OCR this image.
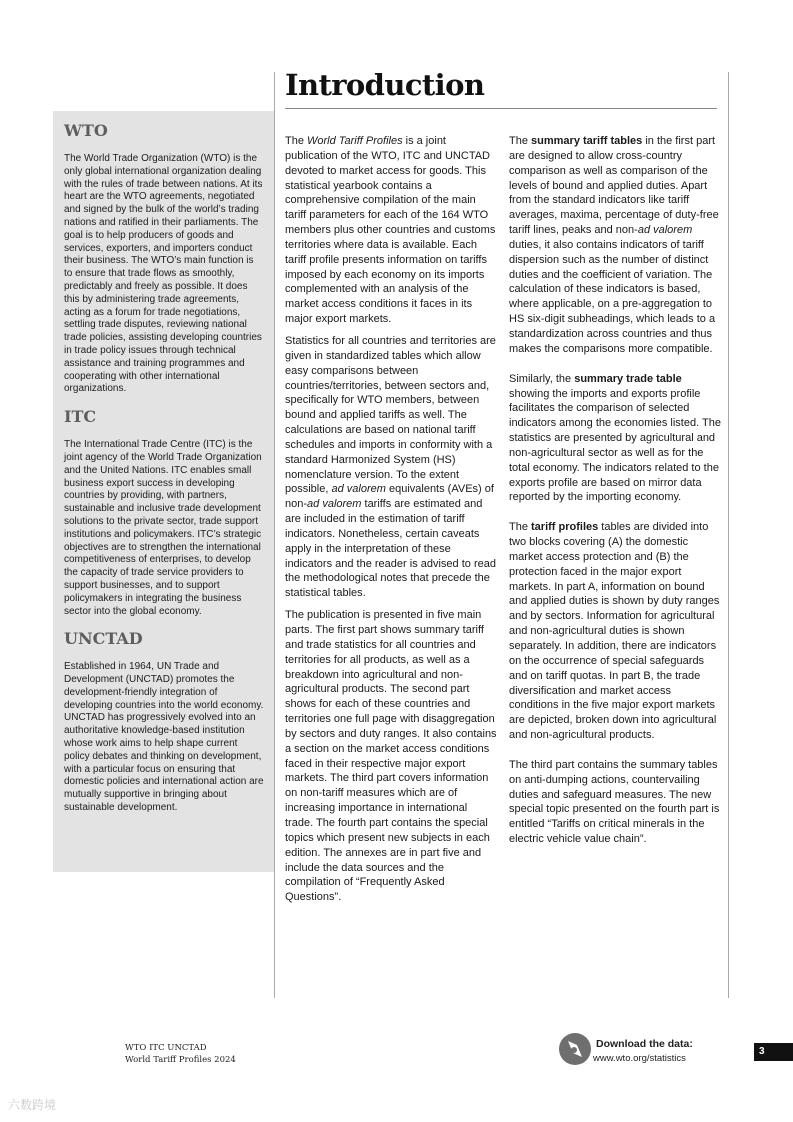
Introduction
WTO

The World Trade Organization (WTO) is the only global international organization dealing with the rules of trade between nations. At its heart are the WTO agreements, negotiated and signed by the bulk of the world’s trading nations and ratified in their parliaments. The goal is to help producers of goods and services, exporters, and importers conduct their business. The WTO’s main function is to ensure that trade flows as smoothly, predictably and freely as possible. It does this by administering trade agreements, acting as a forum for trade negotiations, settling trade disputes, reviewing national trade policies, assisting developing countries in trade policy issues through technical assistance and training programmes and cooperating with other international organizations.

ITC

The International Trade Centre (ITC) is the joint agency of the World Trade Organization and the United Nations. ITC enables small business export success in developing countries by providing, with partners, sustainable and inclusive trade development solutions to the private sector, trade support institutions and policymakers. ITC’s strategic objectives are to strengthen the international competitiveness of enterprises, to develop the capacity of trade service providers to support businesses, and to support policymakers in integrating the business sector into the global economy.

UNCTAD

Established in 1964, UN Trade and Development (UNCTAD) promotes the development-friendly integration of developing countries into the world economy. UNCTAD has progressively evolved into an authoritative knowledge-based institution whose work aims to help shape current policy debates and thinking on development, with a particular focus on ensuring that domestic policies and international action are mutually supportive in bringing about sustainable development.

The World Tariff Profiles is a joint publication of the WTO, ITC and UNCTAD devoted to market access for goods. This statistical yearbook contains a comprehensive compilation of the main tariff parameters for each of the 164 WTO members plus other countries and customs territories where data is available. Each tariff profile presents information on tariffs imposed by each economy on its imports complemented with an analysis of the market access conditions it faces in its major export markets.

Statistics for all countries and territories are given in standardized tables which allow easy comparisons between countries/territories, between sectors and, specifically for WTO members, between bound and applied tariffs as well. The calculations are based on national tariff schedules and imports in conformity with a standard Harmonized System (HS) nomenclature version. To the extent possible, ad valorem equivalents (AVEs) of non-ad valorem tariffs are estimated and are included in the estimation of tariff indicators. Nonetheless, certain caveats apply in the interpretation of these indicators and the reader is advised to read the methodological notes that precede the statistical tables.

The publication is presented in five main parts. The first part shows summary tariff and trade statistics for all countries and territories for all products, as well as a breakdown into agricultural and non-agricultural products. The second part shows for each of these countries and territories one full page with disaggregation by sectors and duty ranges. It also contains a section on the market access conditions faced in their respective major export markets. The third part covers information on non-tariff measures which are of increasing importance in international trade. The fourth part contains the special topics which present new subjects in each edition. The annexes are in part five and include the data sources and the compilation of “Frequently Asked Questions”.

The summary tariff tables in the first part are designed to allow cross-country comparison as well as comparison of the levels of bound and applied duties. Apart from the standard indicators like tariff averages, maxima, percentage of duty-free tariff lines, peaks and non-ad valorem duties, it also contains indicators of tariff dispersion such as the number of distinct duties and the coefficient of variation. The calculation of these indicators is based, where applicable, on a pre-aggregation to HS six-digit subheadings, which leads to a standardization across countries and thus makes the comparisons more compatible.

Similarly, the summary trade table showing the imports and exports profile facilitates the comparison of selected indicators among the economies listed. The statistics are presented by agricultural and non-agricultural sector as well as for the total economy. The indicators related to the exports profile are based on mirror data reported by the importing economy.

The tariff profiles tables are divided into two blocks covering (A) the domestic market access protection and (B) the protection faced in the major export markets. In part A, information on bound and applied duties is shown by duty ranges and by sectors. Information for agricultural and non-agricultural duties is shown separately. In addition, there are indicators on the occurrence of special safeguards and on tariff quotas. In part B, the trade diversification and market access conditions in the five major export markets are depicted, broken down into agricultural and non-agricultural products.

The third part contains the summary tables on anti-dumping actions, countervailing duties and safeguard measures. The new special topic presented on the fourth part is entitled “Tariffs on critical minerals in the electric vehicle value chain”.

WTO ITC UNCTAD
World Tariff Profiles 2024
Download the data:
www.wto.org/statistics
3
六数跨境
